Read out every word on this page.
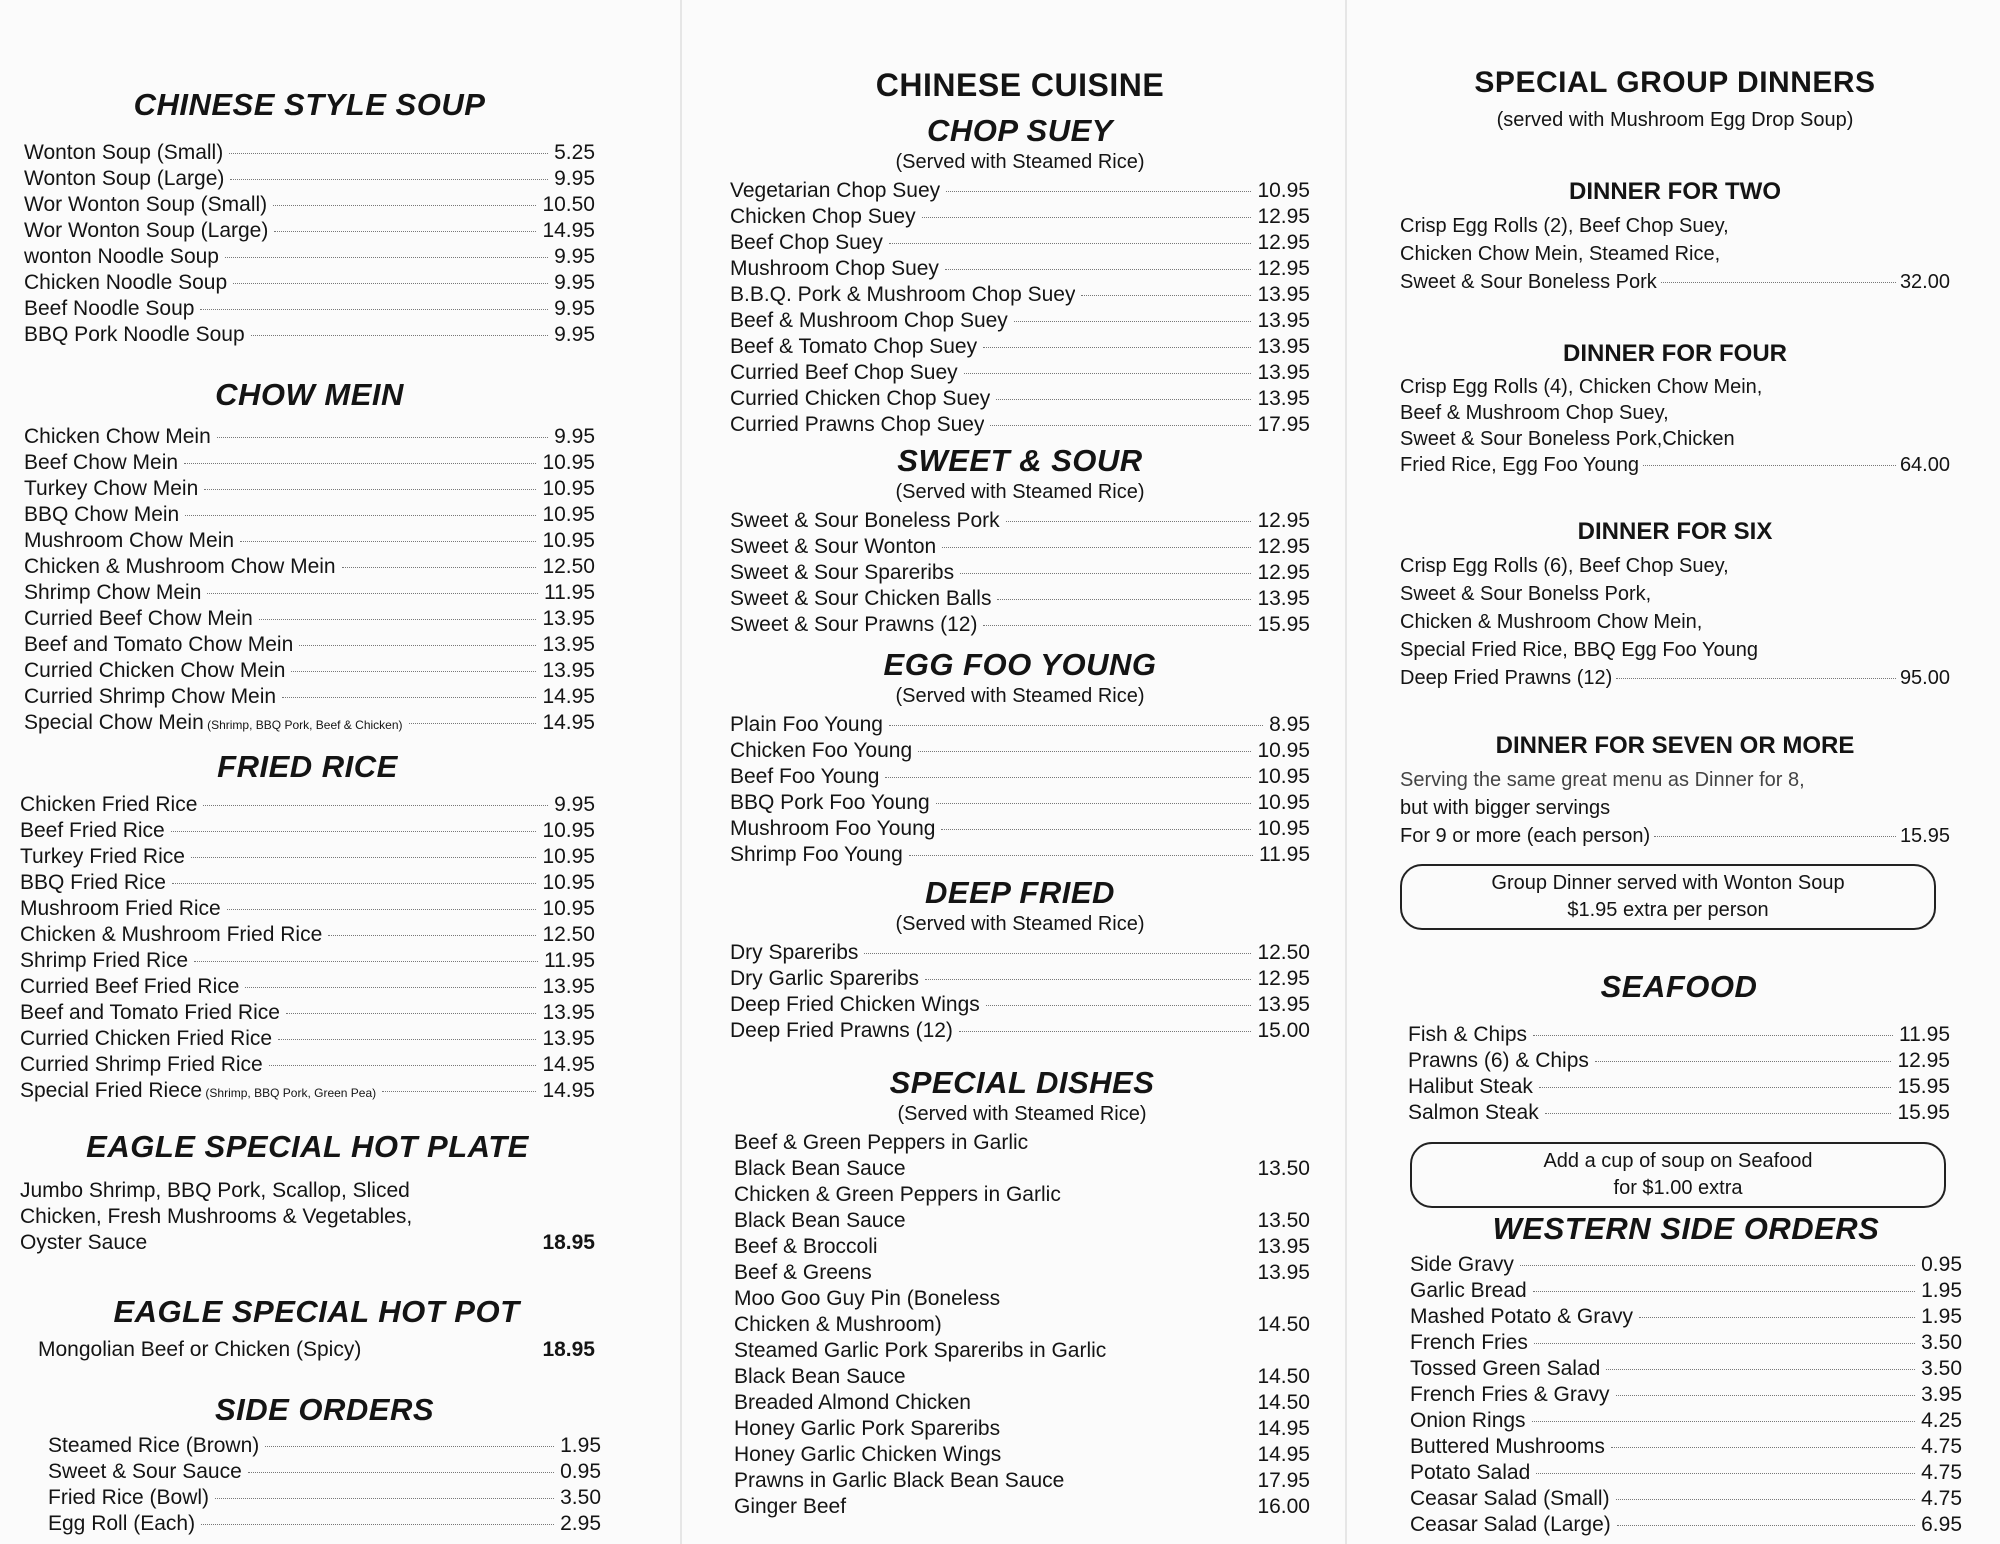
CHINESE STYLE SOUP
Wonton Soup (Small)	5.25
Wonton Soup (Large)	9.95
Wor Wonton Soup (Small)	10.50
Wor Wonton Soup (Large)	14.95
wonton Noodle Soup	9.95
Chicken Noodle Soup	9.95
Beef Noodle Soup	9.95
BBQ Pork Noodle Soup	9.95
CHOW MEIN
Chicken Chow Mein	9.95
Beef Chow Mein	10.95
Turkey Chow Mein	10.95
BBQ Chow Mein	10.95
Mushroom Chow Mein	10.95
Chicken & Mushroom Chow Mein	12.50
Shrimp Chow Mein	11.95
Curried Beef Chow Mein	13.95
Beef and Tomato Chow Mein	13.95
Curried Chicken Chow Mein	13.95
Curried Shrimp Chow Mein	14.95
Special Chow Mein (Shrimp, BBQ Pork, Beef & Chicken)	14.95
FRIED RICE
Chicken Fried Rice	9.95
Beef Fried Rice	10.95
Turkey Fried Rice	10.95
BBQ Fried Rice	10.95
Mushroom Fried Rice	10.95
Chicken & Mushroom Fried Rice	12.50
Shrimp Fried Rice	11.95
Curried Beef Fried Rice	13.95
Beef and Tomato Fried Rice	13.95
Curried Chicken Fried Rice	13.95
Curried Shrimp Fried Rice	14.95
Special Fried Riece (Shrimp, BBQ Pork, Green Pea)	14.95
EAGLE SPECIAL HOT PLATE
Jumbo Shrimp, BBQ Pork, Scallop, Sliced
Chicken, Fresh Mushrooms & Vegetables,
Oyster Sauce	18.95
EAGLE SPECIAL HOT POT
Mongolian Beef or Chicken (Spicy)	18.95
SIDE ORDERS
Steamed Rice (Brown)	1.95
Sweet & Sour Sauce	0.95
Fried Rice (Bowl)	3.50
Egg Roll (Each)	2.95
CHINESE CUISINE
CHOP SUEY
(Served with Steamed Rice)
Vegetarian Chop Suey	10.95
Chicken Chop Suey	12.95
Beef Chop Suey	12.95
Mushroom Chop Suey	12.95
B.B.Q. Pork & Mushroom Chop Suey	13.95
Beef & Mushroom Chop Suey	13.95
Beef & Tomato Chop Suey	13.95
Curried Beef Chop Suey	13.95
Curried Chicken Chop Suey	13.95
Curried Prawns Chop Suey	17.95
SWEET & SOUR
(Served with Steamed Rice)
Sweet & Sour Boneless Pork	12.95
Sweet & Sour Wonton	12.95
Sweet & Sour Spareribs	12.95
Sweet & Sour Chicken Balls	13.95
Sweet & Sour Prawns (12)	15.95
EGG FOO YOUNG
(Served with Steamed Rice)
Plain Foo Young	8.95
Chicken Foo Young	10.95
Beef Foo Young	10.95
BBQ Pork Foo Young	10.95
Mushroom Foo Young	10.95
Shrimp Foo Young	11.95
DEEP FRIED
(Served with Steamed Rice)
Dry Spareribs	12.50
Dry Garlic Spareribs	12.95
Deep Fried Chicken Wings	13.95
Deep Fried Prawns (12)	15.00
SPECIAL DISHES
(Served with Steamed Rice)
Beef & Green Peppers in Garlic
Black Bean Sauce	13.50
Chicken & Green Peppers in Garlic
Black Bean Sauce	13.50
Beef & Broccoli	13.95
Beef & Greens	13.95
Moo Goo Guy Pin (Boneless
Chicken & Mushroom)	14.50
Steamed Garlic Pork Spareribs in Garlic
Black Bean Sauce	14.50
Breaded Almond Chicken	14.50
Honey Garlic Pork Spareribs	14.95
Honey Garlic Chicken Wings	14.95
Prawns in Garlic Black Bean Sauce	17.95
Ginger Beef	16.00
SPECIAL GROUP DINNERS
(served with Mushroom Egg Drop Soup)
DINNER FOR TWO
Crisp Egg Rolls (2), Beef Chop Suey,
Chicken Chow Mein, Steamed Rice,
Sweet & Sour Boneless Pork	32.00
DINNER FOR FOUR
Crisp Egg Rolls (4), Chicken Chow Mein,
Beef & Mushroom Chop Suey,
Sweet & Sour Boneless Pork,Chicken
Fried Rice, Egg Foo Young	64.00
DINNER FOR SIX
Crisp Egg Rolls (6), Beef Chop Suey,
Sweet & Sour Bonelss Pork,
Chicken & Mushroom Chow Mein,
Special Fried Rice, BBQ Egg Foo Young
Deep Fried Prawns (12)	95.00
DINNER FOR SEVEN OR MORE
Serving the same great menu as Dinner for 8,
but with bigger servings
For 9 or more (each person)	15.95
Group Dinner served with Wonton Soup
$1.95 extra per person
SEAFOOD
Fish & Chips	11.95
Prawns (6) & Chips	12.95
Halibut Steak	15.95
Salmon Steak	15.95
Add a cup of soup on Seafood
for $1.00 extra
WESTERN SIDE ORDERS
Side Gravy	0.95
Garlic Bread	1.95
Mashed Potato & Gravy	1.95
French Fries	3.50
Tossed Green Salad	3.50
French Fries & Gravy	3.95
Onion Rings	4.25
Buttered Mushrooms	4.75
Potato Salad	4.75
Ceasar Salad (Small)	4.75
Ceasar Salad (Large)	6.95
